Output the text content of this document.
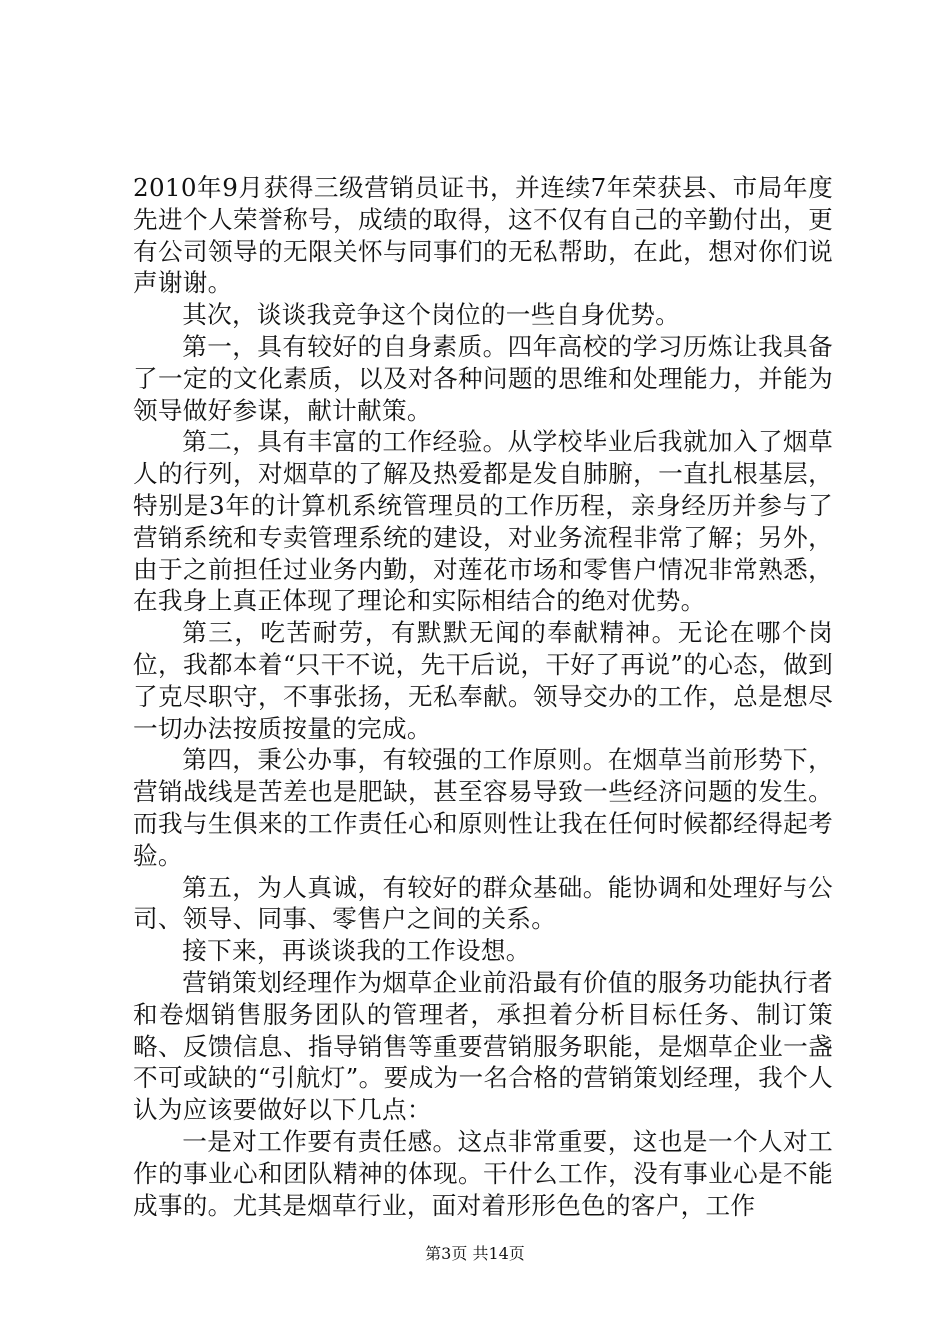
2010年9月获得三级营销员证书，并连续7年荣获县、市局年度先进个人荣誉称号，成绩的取得，这不仅有自己的辛勤付出，更有公司领导的无限关怀与同事们的无私帮助，在此，想对你们说声谢谢。

其次，谈谈我竞争这个岗位的一些自身优势。

第一，具有较好的自身素质。四年高校的学习历炼让我具备了一定的文化素质，以及对各种问题的思维和处理能力，并能为领导做好参谋，献计献策。

第二，具有丰富的工作经验。从学校毕业后我就加入了烟草人的行列，对烟草的了解及热爱都是发自肺腑，一直扎根基层，特别是3年的计算机系统管理员的工作历程，亲身经历并参与了营销系统和专卖管理系统的建设，对业务流程非常了解；另外，由于之前担任过业务内勤，对莲花市场和零售户情况非常熟悉，在我身上真正体现了理论和实际相结合的绝对优势。

第三，吃苦耐劳，有默默无闻的奉献精神。无论在哪个岗位，我都本着“只干不说，先干后说，干好了再说”的心态，做到了克尽职守，不事张扬，无私奉献。领导交办的工作，总是想尽一切办法按质按量的完成。

第四，秉公办事，有较强的工作原则。在烟草当前形势下，营销战线是苦差也是肥缺，甚至容易导致一些经济问题的发生。而我与生俱来的工作责任心和原则性让我在任何时候都经得起考验。

第五，为人真诚，有较好的群众基础。能协调和处理好与公司、领导、同事、零售户之间的关系。

接下来，再谈谈我的工作设想。

营销策划经理作为烟草企业前沿最有价值的服务功能执行者和卷烟销售服务团队的管理者，承担着分析目标任务、制订策略、反馈信息、指导销售等重要营销服务职能，是烟草企业一盏不可或缺的“引航灯”。要成为一名合格的营销策划经理，我个人认为应该要做好以下几点：

一是对工作要有责任感。这点非常重要，这也是一个人对工作的事业心和团队精神的体现。干什么工作，没有事业心是不能成事的。尤其是烟草行业，面对着形形色色的客户，工作

第3页 共14页
